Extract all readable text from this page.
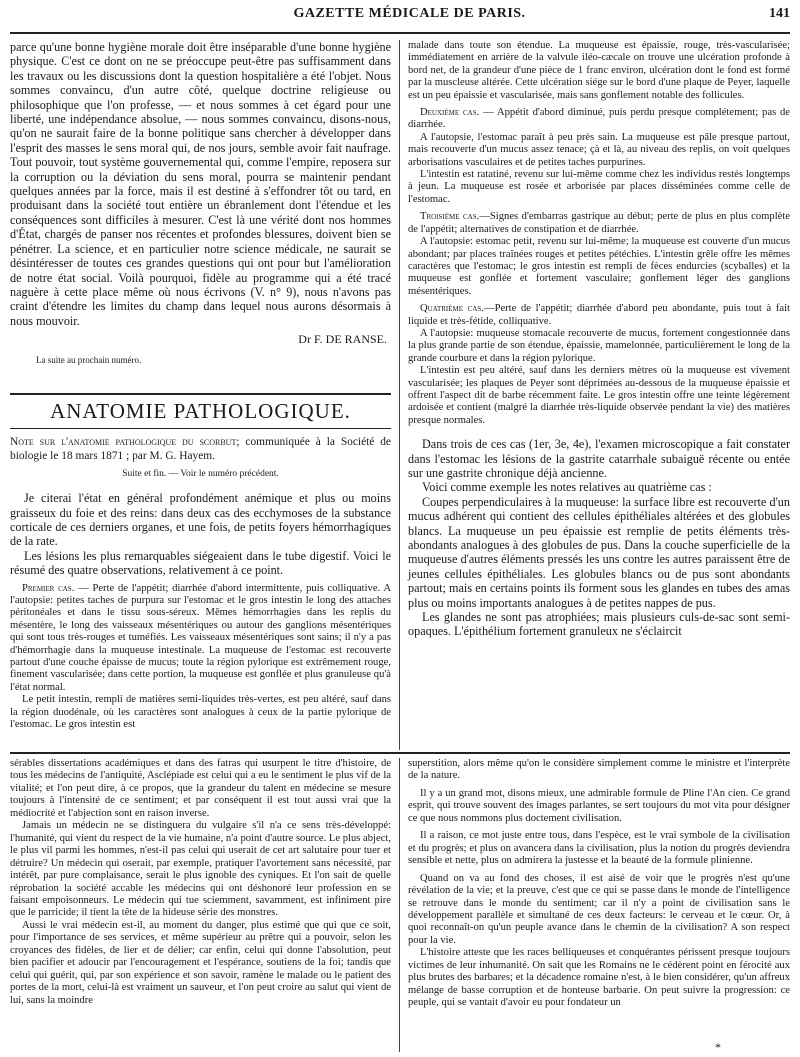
GAZETTE MÉDICALE DE PARIS.	141

parce qu'une bonne hygiène morale doit être inséparable d'une bonne hygiène physique. C'est ce dont on ne se préoccupe peut-être pas suffisamment dans les travaux ou les discussions dont la question hospitalière a été l'objet. Nous sommes convaincu, d'un autre côté, quelque doctrine religieuse ou philosophique que l'on professe, — et nous sommes à cet égard pour une liberté, une indépendance absolue, — nous sommes convaincu, disons-nous, qu'on ne saurait faire de la bonne politique sans chercher à développer dans l'esprit des masses le sens moral qui, de nos jours, semble avoir fait naufrage. Tout pouvoir, tout système gouvernemental qui, comme l'empire, reposera sur la corruption ou la déviation du sens moral, pourra se maintenir pendant quelques années par la force, mais il est destiné à s'effondrer tôt ou tard, en produisant dans la société tout entière un ébranlement dont l'étendue et les conséquences sont difficiles à mesurer. C'est là une vérité dont nos hommes d'État, chargés de panser nos récentes et profondes blessures, doivent bien se pénétrer. La science, et en particulier notre science médicale, ne saurait se désintéresser de toutes ces grandes questions qui ont pour but l'amélioration de notre état social. Voilà pourquoi, fidèle au programme qui a été tracé naguère à cette place même où nous écrivons (V. n° 9), nous n'avons pas craint d'étendre les limites du champ dans lequel nous aurons désormais à nous mouvoir.

Dr F. DE RANSE.
La suite au prochain numéro.
ANATOMIE PATHOLOGIQUE.
Note sur l'anatomie pathologique du scorbut; communiquée à la Société de biologie le 18 mars 1871 ; par M. G. Hayem.
Suite et fin. — Voir le numéro précédent.

Je citerai l'état en général profondément anémique et plus ou moins graisseux du foie et des reins: dans deux cas des ecchymoses de la substance corticale de ces derniers organes, et une fois, de petits foyers hémorrhagiques de la rate.

Les lésions les plus remarquables siégeaient dans le tube digestif. Voici le résumé des quatre observations, relativement à ce point.

Premier cas. — Perte de l'appétit; diarrhée d'abord intermittente, puis colliquative. A l'autopsie: petites taches de purpura sur l'estomac et le gros intestin le long des attaches péritonéales et dans le tissu sous-séreux. Mêmes hémorrhagies dans les replis du mésentère, le long des vaisseaux mésentériques ou autour des ganglions mésentériques qui sont tous très-rouges et tuméfiés. Les vaisseaux mésentériques sont sains; il n'y a pas d'hémorrhagie dans la muqueuse intestinale. La muqueuse de l'estomac est recouverte partout d'une couche épaisse de mucus; toute la région pylorique est extrêmement rouge, finement vascularisée; dans cette portion, la muqueuse est gonflée et plus granuleuse qu'à l'état normal.

Le petit intestin, rempli de matières semi-liquides très-vertes, est peu altéré, sauf dans la région duodénale, où les caractères sont analogues à ceux de la partie pylorique de l'estomac. Le gros intestin est

malade dans toute son étendue. La muqueuse est épaissie, rouge, très-vascularisée; immédiatement en arrière de la valvule iléo-cæcale on trouve une ulcération profonde à bord net, de la grandeur d'une pièce de 1 franc environ, ulcération dont le fond est formé par la muscleuse altérée. Cette ulcération siége sur le bord d'une plaque de Peyer, laquelle est un peu épaissie et vascularisée, mais sans gonflement notable des follicules.

Deuxième cas. — Appétit d'abord diminué, puis perdu presque complétement; pas de diarrhée.

A l'autopsie, l'estomac paraît à peu près sain. La muqueuse est pâle presque partout, mais recouverte d'un mucus assez tenace; çà et là, au niveau des replis, on voit quelques arborisations vasculaires et de petites taches purpurines.

L'intestin est ratatiné, revenu sur lui-même comme chez les individus restés longtemps à jeun. La muqueuse est rosée et arborisée par places disséminées comme celle de l'estomac.

Troisième cas.—Signes d'embarras gastrique au début; perte de plus en plus complète de l'appétit; alternatives de constipation et de diarrhée.

A l'autopsie: estomac petit, revenu sur lui-même; la muqueuse est couverte d'un mucus abondant; par places traînées rouges et petites pétéchies. L'intestin grêle offre les mêmes caractères que l'estomac; le gros intestin est rempli de fèces endurcies (scyballes) et la muqueuse est gonflée et fortement vasculaire; gonflement léger des ganglions mésentériques.

Quatrième cas.—Perte de l'appétit; diarrhée d'abord peu abondante, puis tout à fait liquide et très-fétide, colliquative.

A l'autopsie: muqueuse stomacale recouverte de mucus, fortement congestionnée dans la plus grande partie de son étendue, épaissie, mamelonnée, particulièrement le long de la grande courbure et dans la région pylorique.

L'intestin est peu altéré, sauf dans les derniers mètres où la muqueuse est vivement vascularisée; les plaques de Peyer sont déprimées au-dessous de la muqueuse épaissie et offrent l'aspect dit de barbe récemment faite. Le gros intestin offre une teinte légèrement ardoisée et contient (malgré la diarrhée très-liquide observée pendant la vie) des matières presque normales.

Dans trois de ces cas (1er, 3e, 4e), l'examen microscopique a fait constater dans l'estomac les lésions de la gastrite catarrhale subaiguë récente ou entée sur une gastrite chronique déjà ancienne.

Voici comme exemple les notes relatives au quatrième cas :

Coupes perpendiculaires à la muqueuse: la surface libre est recouverte d'un mucus adhérent qui contient des cellules épithéliales altérées et des globules blancs. La muqueuse un peu épaissie est remplie de petits éléments très-abondants analogues à des globules de pus. Dans la couche superficielle de la muqueuse d'autres éléments pressés les uns contre les autres paraissent être de jeunes cellules épithéliales. Les globules blancs ou de pus sont abondants partout; mais en certains points ils forment sous les glandes en tubes des amas plus ou moins importants analogues à de petites nappes de pus.

Les glandes ne sont pas atrophiées; mais plusieurs culs-de-sac sont semi-opaques. L'épithélium fortement granuleux ne s'éclaircit

sérables dissertations académiques et dans des fatras qui usurpent le titre d'histoire, de tous les médecins de l'antiquité, Asclépiade est celui qui a eu le sentiment le plus vif de la vitalité; et l'on peut dire, à ce propos, que la grandeur du talent en médecine se mesure toujours à l'intensité de ce sentiment; et par conséquent il est tout aussi vrai que la médiocrité et l'abjection sont en raison inverse.

Jamais un médecin ne se distinguera du vulgaire s'il n'a ce sens très-développé: l'humanité, qui vient du respect de la vie humaine, n'a point d'autre source. Le plus abject, le plus vil parmi les hommes, n'est-il pas celui qui userait de cet art salutaire pour tuer et détruire? Un médecin qui oserait, par exemple, pratiquer l'avortement sans nécessité, par intérêt, par pure complaisance, serait le plus ignoble des cyniques. Et l'on sait de quelle réprobation la société accable les médecins qui ont déshonoré leur profession en se faisant empoisonneurs. Le médecin qui tue sciemment, savamment, est infiniment pire que le parricide; il tient la tête de la hideuse série des monstres.

Aussi le vrai médecin est-il, au moment du danger, plus estimé que qui que ce soit, pour l'importance de ses services, et même supérieur au prêtre qui a pouvoir, selon les croyances des fidèles, de lier et de délier; car enfin, celui qui donne l'absolution, peut bien pacifier et adoucir par l'encouragement et l'espérance, soutiens de la foi; tandis que celui qui guérit, qui, par son expérience et son savoir, ramène le malade ou le patient des portes de la mort, celui-là est vraiment un sauveur, et l'on peut croire au salut qui vient de lui, sans la moindre

superstition, alors même qu'on le considère simplement comme le ministre et l'interprète de la nature.

Il y a un grand mot, disons mieux, une admirable formule de Pline l'An cien. Ce grand esprit, qui trouve souvent des images parlantes, se sert toujours du mot vita pour désigner ce que nous nommons plus doctement civilisation.

Il a raison, ce mot juste entre tous, dans l'espèce, est le vrai symbole de la civilisation et du progrès; et plus on avancera dans la civilisation, plus la notion du progrès deviendra sensible et nette, plus on admirera la justesse et la beauté de la formule plinienne.

Quand on va au fond des choses, il est aisé de voir que le progrès n'est qu'une révélation de la vie; et la preuve, c'est que ce qui se passe dans le monde de l'intelligence se retrouve dans le monde du sentiment; car il n'y a point de civilisation sans le développement parallèle et simultané de ces deux facteurs: le cerveau et le cœur. Or, à quoi reconnaît-on qu'un peuple avance dans le chemin de la civilisation? A son respect pour la vie.

L'histoire atteste que les races belliqueuses et conquérantes périssent presque toujours victimes de leur inhumanité. On sait que les Romains ne le cédèrent point en férocité aux plus brutes des barbares; et la décadence romaine n'est, à le bien considérer, qu'un affreux mélange de basse corruption et de honteuse barbarie. On peut suivre la progression: ce peuple, qui se vantait d'avoir eu pour fondateur un

*
